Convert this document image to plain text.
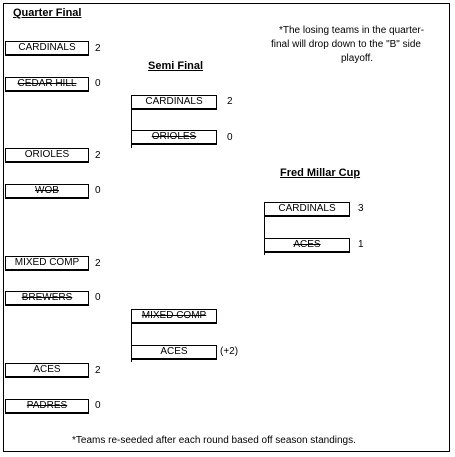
Quarter Final
Semi Final
Fred Millar Cup
*The losing teams in the quarter-
final will drop down to the "B" side
playoff.
CARDINALS	2
CEDAR HILL	0
ORIOLES	2
WOB	0
MIXED COMP	2
BREWERS	0
ACES	2
PADRES	0
CARDINALS	2
ORIOLES	0
MIXED COMP
ACES	(+2)
CARDINALS	3
ACES	1
*Teams re-seeded after each round based off season standings.
